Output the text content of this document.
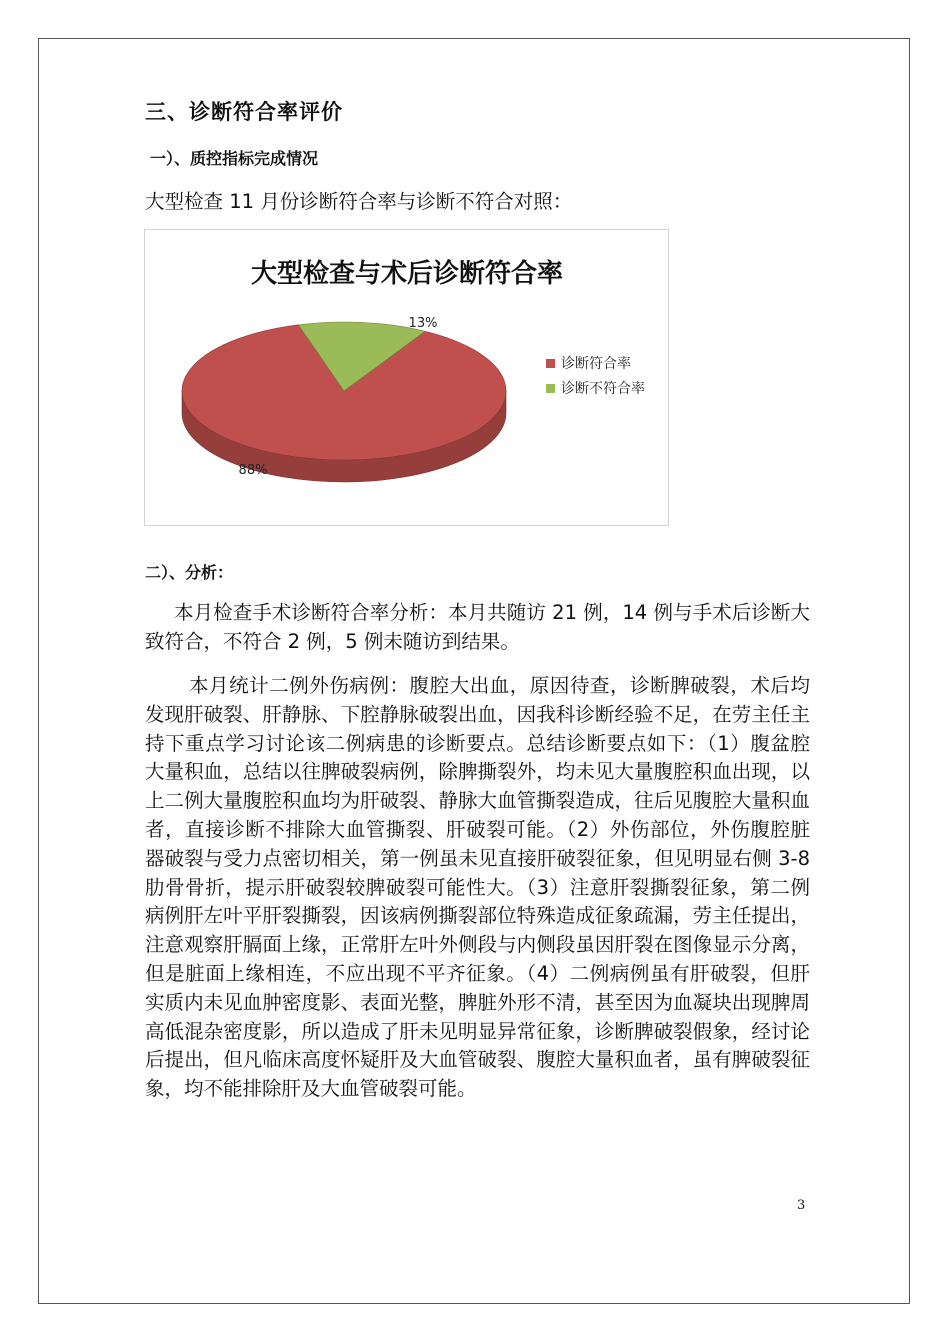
三、诊断符合率评价
一）、质控指标完成情况

大型检查 11 月份诊断符合率与诊断不符合对照：

88%
13%
大型检查与术后诊断符合率
诊断符合率
诊断不符合率
二）、分析：

本月检查手术诊断符合率分析：本月共随访 21 例，14 例与手术后诊断大致符合，不符合 2 例，5 例未随访到结果。

本月统计二例外伤病例：腹腔大出血，原因待查，诊断脾破裂，术后均发现肝破裂、肝静脉、下腔静脉破裂出血，因我科诊断经验不足，在劳主任主持下重点学习讨论该二例病患的诊断要点。总结诊断要点如下：（1）腹盆腔大量积血，总结以往脾破裂病例，除脾撕裂外，均未见大量腹腔积血出现，以上二例大量腹腔积血均为肝破裂、静脉大血管撕裂造成，往后见腹腔大量积血者，直接诊断不排除大血管撕裂、肝破裂可能。（2）外伤部位，外伤腹腔脏器破裂与受力点密切相关，第一例虽未见直接肝破裂征象，但见明显右侧 3-8 肋骨骨折，提示肝破裂较脾破裂可能性大。（3）注意肝裂撕裂征象，第二例病例肝左叶平肝裂撕裂，因该病例撕裂部位特殊造成征象疏漏，劳主任提出，注意观察肝膈面上缘，正常肝左叶外侧段与内侧段虽因肝裂在图像显示分离，但是脏面上缘相连，不应出现不平齐征象。（4）二例病例虽有肝破裂，但肝实质内未见血肿密度影、表面光整，脾脏外形不清，甚至因为血凝块出现脾周高低混杂密度影，所以造成了肝未见明显异常征象，诊断脾破裂假象，经讨论后提出，但凡临床高度怀疑肝及大血管破裂、腹腔大量积血者，虽有脾破裂征象，均不能排除肝及大血管破裂可能。

3
